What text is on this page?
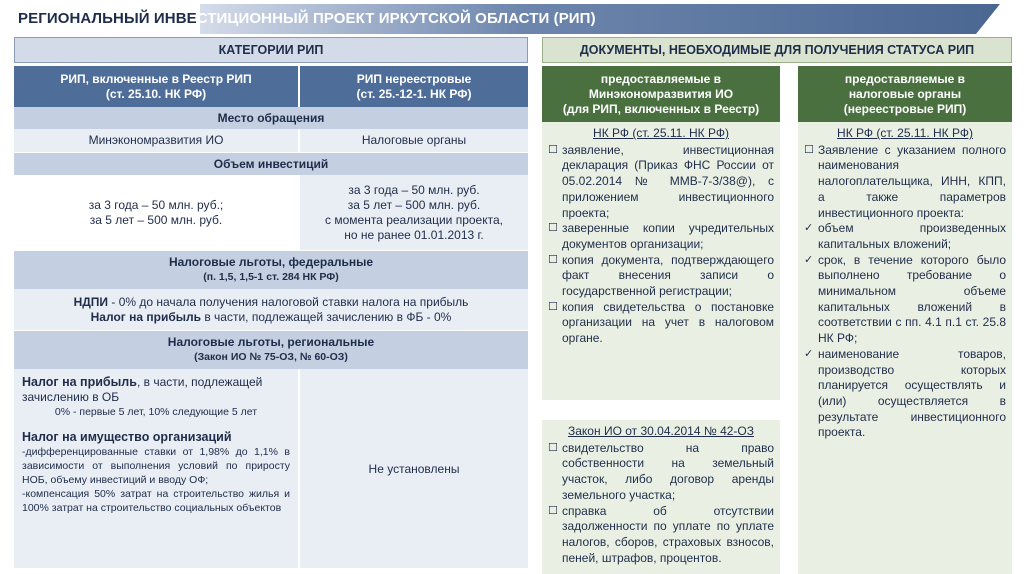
РЕГИОНАЛЬНЫЙ ИНВЕСТИЦИОННЫЙ ПРОЕКТ ИРКУТСКОЙ ОБЛАСТИ (РИП)
КАТЕГОРИИ РИП	ДОКУМЕНТЫ, НЕОБХОДИМЫЕ ДЛЯ ПОЛУЧЕНИЯ СТАТУСА РИП
РИП, включенные в Реестр РИП
(ст. 25.10. НК РФ)
РИП нереестровые
(ст. 25.-12-1. НК РФ)
Место обращения
Минэкономразвития ИО	Налоговые органы
Объем инвестиций
за 3 года – 50 млн. руб.;
за 5 лет – 500 млн. руб.
за 3 года – 50 млн. руб.
за 5 лет – 500 млн. руб.
с момента реализации проекта,
но не ранее 01.01.2013 г.
Налоговые льготы, федеральные
(п. 1,5, 1,5-1 ст. 284 НК РФ)
НДПИ - 0% до начала получения налоговой ставки налога на прибыль
Налог на прибыль в части, подлежащей зачислению в ФБ - 0%
Налоговые льготы, региональные
(Закон ИО № 75-ОЗ, № 60-ОЗ)
Налог на прибыль, в части, подлежащей зачислению в ОБ
0% - первые 5 лет, 10% следующие 5 лет
Налог на имущество организаций
-дифференцированные ставки от 1,98% до 1,1% в зависимости от выполнения условий по приросту НОБ, объему инвестиций и вводу ОФ;
-компенсация 50% затрат на строительство жилья и 100% затрат на строительство социальных объектов
Не установлены
предоставляемые в
Минэкономразвития ИО
(для РИП, включенных в Реестр)
НК РФ (ст. 25.11. НК РФ)
☐ заявление, инвестиционная декларация (Приказ ФНС России от 05.02.2014 № ММВ-7-3/38@), с приложением инвестиционного проекта;
☐ заверенные копии учредительных документов организации;
☐ копия документа, подтверждающего факт внесения записи о государственной регистрации;
☐ копия свидетельства о постановке организации на учет в налоговом органе.
Закон ИО от 30.04.2014 № 42-ОЗ
☐ свидетельство на право собственности на земельный участок, либо договор аренды земельного участка;
☐ справка об отсутствии задолженности по уплате по уплате налогов, сборов, страховых взносов, пеней, штрафов, процентов.
предоставляемые в
налоговые органы
(нереестровые РИП)
НК РФ (ст. 25.11. НК РФ)
☐ Заявление с указанием полного наименования налогоплательщика, ИНН, КПП, а также параметров инвестиционного проекта:
✓ объем произведенных капитальных вложений;
✓ срок, в течение которого было выполнено требование о минимальном объеме капитальных вложений в соответствии с пп. 4.1 п.1 ст. 25.8 НК РФ;
✓ наименование товаров, производство которых планируется осуществлять и (или) осуществляется в результате инвестиционного проекта.
